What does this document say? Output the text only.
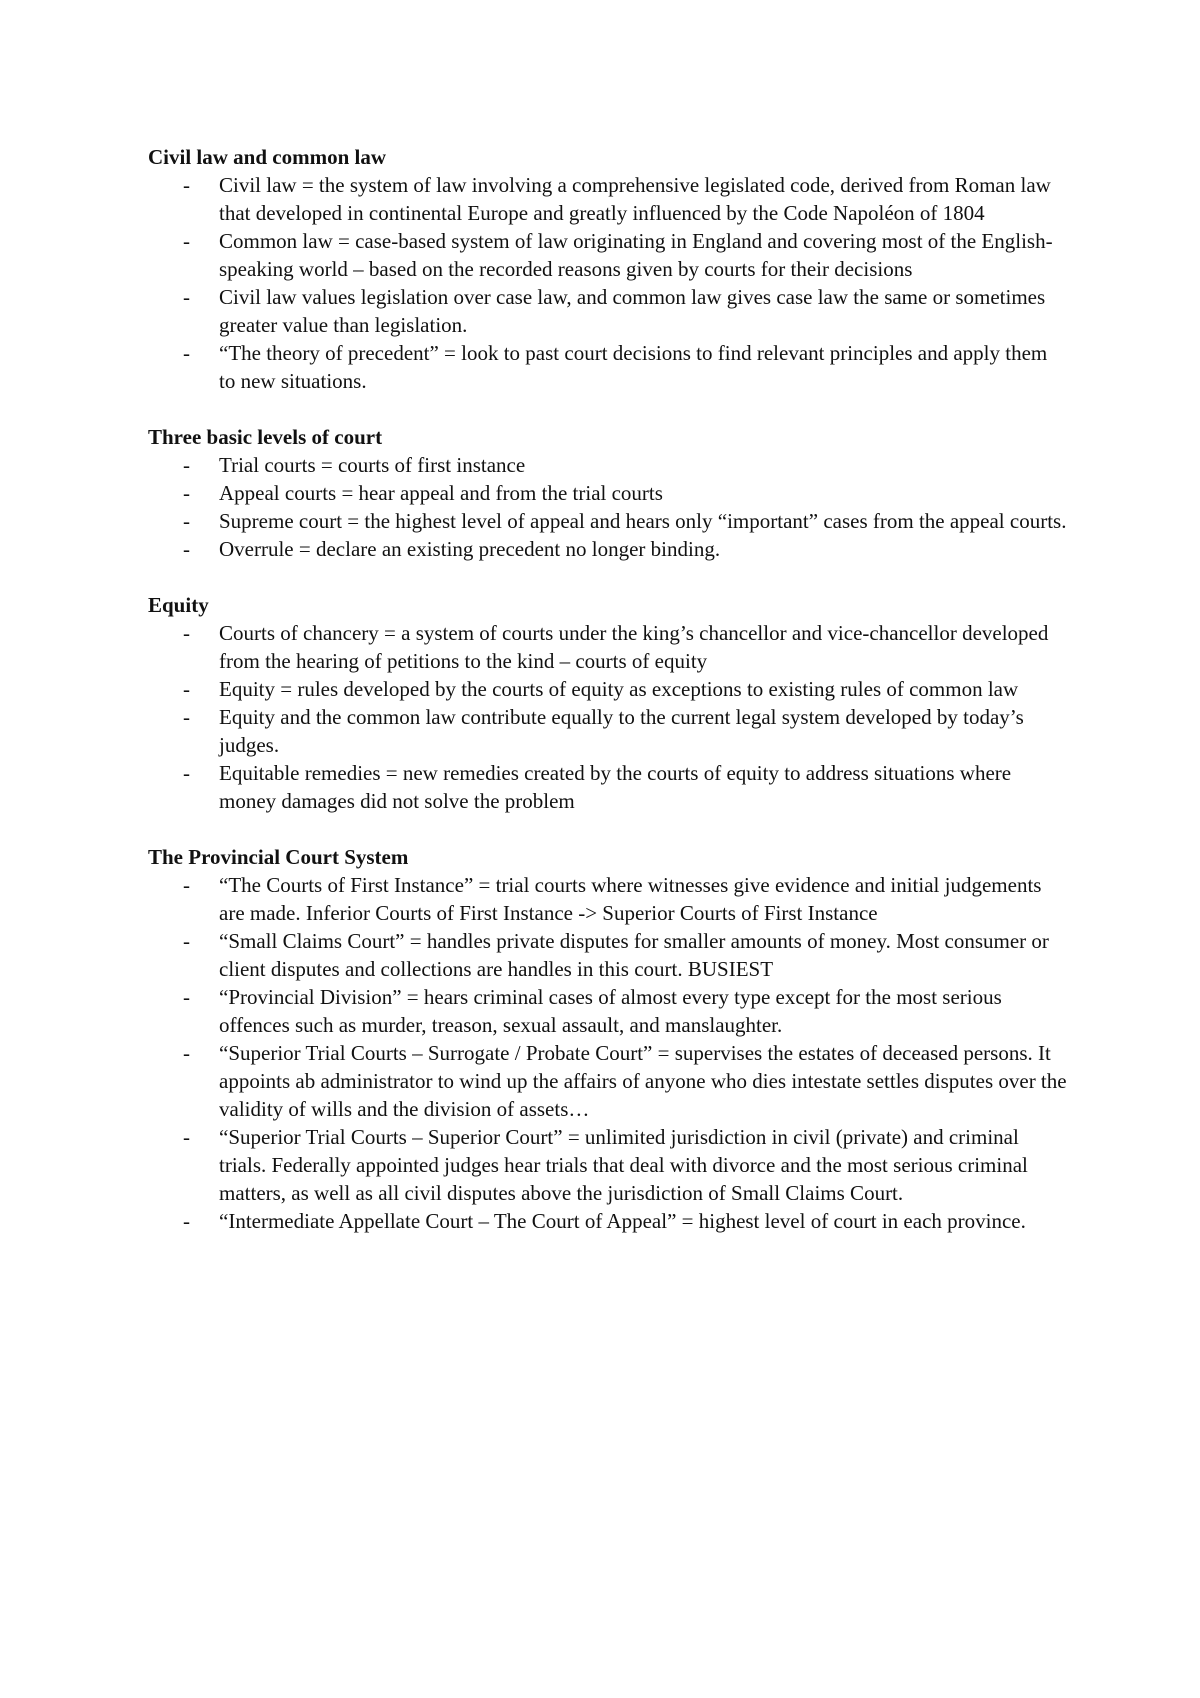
Civil law and common law

- Civil law = the system of law involving a comprehensive legislated code, derived from Roman law that developed in continental Europe and greatly influenced by the Code Napoléon of 1804
- Common law = case-based system of law originating in England and covering most of the English-speaking world – based on the recorded reasons given by courts for their decisions
- Civil law values legislation over case law, and common law gives case law the same or sometimes greater value than legislation.
- “The theory of precedent” = look to past court decisions to find relevant principles and apply them to new situations.

Three basic levels of court

- Trial courts = courts of first instance
- Appeal courts = hear appeal and from the trial courts
- Supreme court = the highest level of appeal and hears only “important” cases from the appeal courts.
- Overrule = declare an existing precedent no longer binding.

Equity

- Courts of chancery = a system of courts under the king’s chancellor and vice-chancellor developed from the hearing of petitions to the kind – courts of equity
- Equity = rules developed by the courts of equity as exceptions to existing rules of common law
- Equity and the common law contribute equally to the current legal system developed by today’s judges.
- Equitable remedies = new remedies created by the courts of equity to address situations where money damages did not solve the problem

The Provincial Court System

- “The Courts of First Instance” = trial courts where witnesses give evidence and initial judgements are made. Inferior Courts of First Instance -> Superior Courts of First Instance
- “Small Claims Court” = handles private disputes for smaller amounts of money. Most consumer or client disputes and collections are handles in this court. BUSIEST
- “Provincial Division” = hears criminal cases of almost every type except for the most serious offences such as murder, treason, sexual assault, and manslaughter.
- “Superior Trial Courts – Surrogate / Probate Court” = supervises the estates of deceased persons. It appoints ab administrator to wind up the affairs of anyone who dies intestate settles disputes over the validity of wills and the division of assets…
- “Superior Trial Courts – Superior Court” = unlimited jurisdiction in civil (private) and criminal trials. Federally appointed judges hear trials that deal with divorce and the most serious criminal matters, as well as all civil disputes above the jurisdiction of Small Claims Court.
- “Intermediate Appellate Court – The Court of Appeal” = highest level of court in each province.
